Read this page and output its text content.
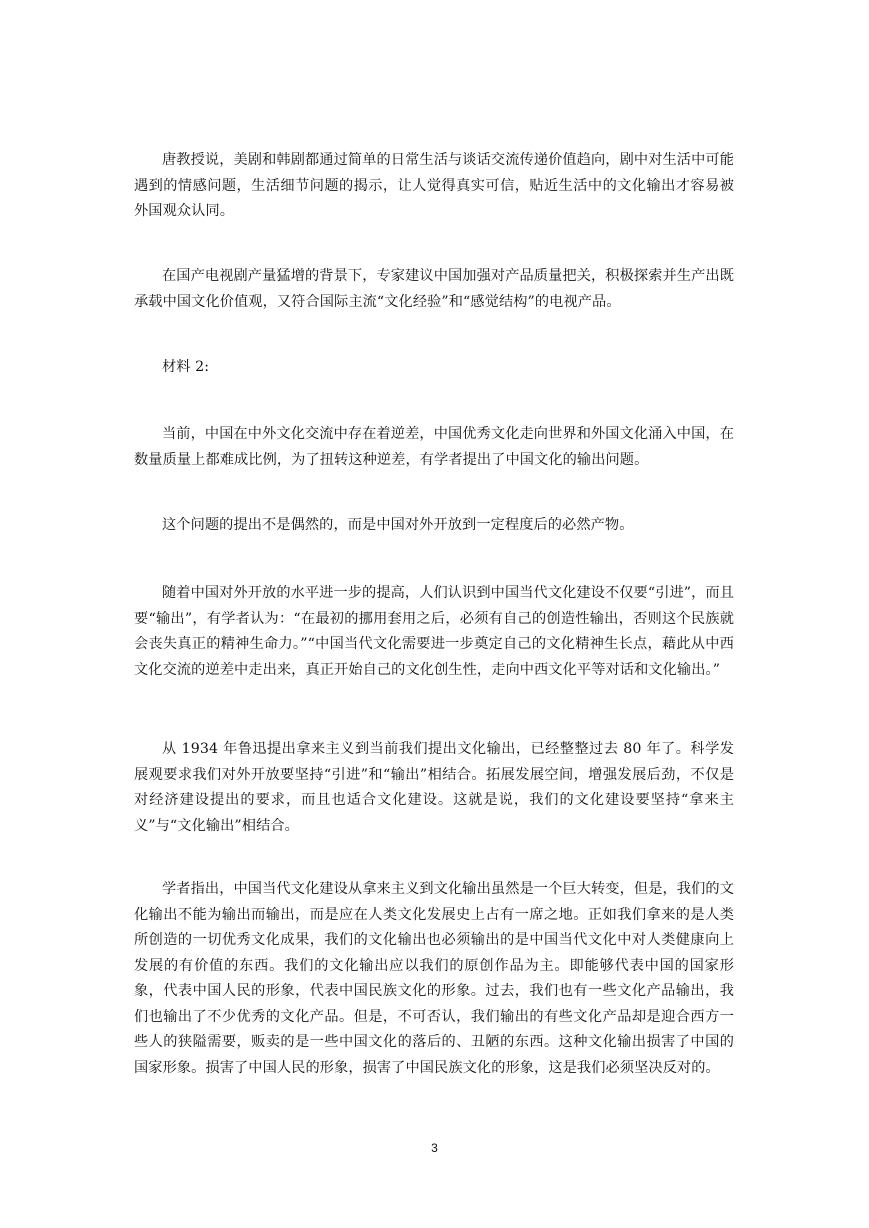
唐教授说，美剧和韩剧都通过简单的日常生活与谈话交流传递价值趋向，剧中对生活中可能遇到的情感问题，生活细节问题的揭示，让人觉得真实可信，贴近生活中的文化输出才容易被外国观众认同。

在国产电视剧产量猛增的背景下，专家建议中国加强对产品质量把关，积极探索并生产出既承载中国文化价值观，又符合国际主流“文化经验”和“感觉结构”的电视产品。

材料 2:

当前，中国在中外文化交流中存在着逆差，中国优秀文化走向世界和外国文化涌入中国，在数量质量上都难成比例，为了扭转这种逆差，有学者提出了中国文化的输出问题。

这个问题的提出不是偶然的，而是中国对外开放到一定程度后的必然产物。

随着中国对外开放的水平进一步的提高，人们认识到中国当代文化建设不仅要“引进”，而且要“输出”，有学者认为：“在最初的挪用套用之后，必须有自己的创造性输出，否则这个民族就会丧失真正的精神生命力。”“中国当代文化需要进一步奠定自己的文化精神生长点，藉此从中西文化交流的逆差中走出来，真正开始自己的文化创生性，走向中西文化平等对话和文化输出。”

从 1934 年鲁迅提出拿来主义到当前我们提出文化输出，已经整整过去 80 年了。科学发展观要求我们对外开放要坚持“引进”和“输出”相结合。拓展发展空间，增强发展后劲，不仅是对经济建设提出的要求，而且也适合文化建设。这就是说，我们的文化建设要坚持“拿来主义”与“文化输出”相结合。

学者指出，中国当代文化建设从拿来主义到文化输出虽然是一个巨大转变，但是，我们的文化输出不能为输出而输出，而是应在人类文化发展史上占有一席之地。正如我们拿来的是人类所创造的一切优秀文化成果，我们的文化输出也必须输出的是中国当代文化中对人类健康向上发展的有价值的东西。我们的文化输出应以我们的原创作品为主。即能够代表中国的国家形象，代表中国人民的形象，代表中国民族文化的形象。过去，我们也有一些文化产品输出，我们也输出了不少优秀的文化产品。但是，不可否认，我们输出的有些文化产品却是迎合西方一些人的狭隘需要，贩卖的是一些中国文化的落后的、丑陋的东西。这种文化输出损害了中国的国家形象。损害了中国人民的形象，损害了中国民族文化的形象，这是我们必须坚决反对的。

3
